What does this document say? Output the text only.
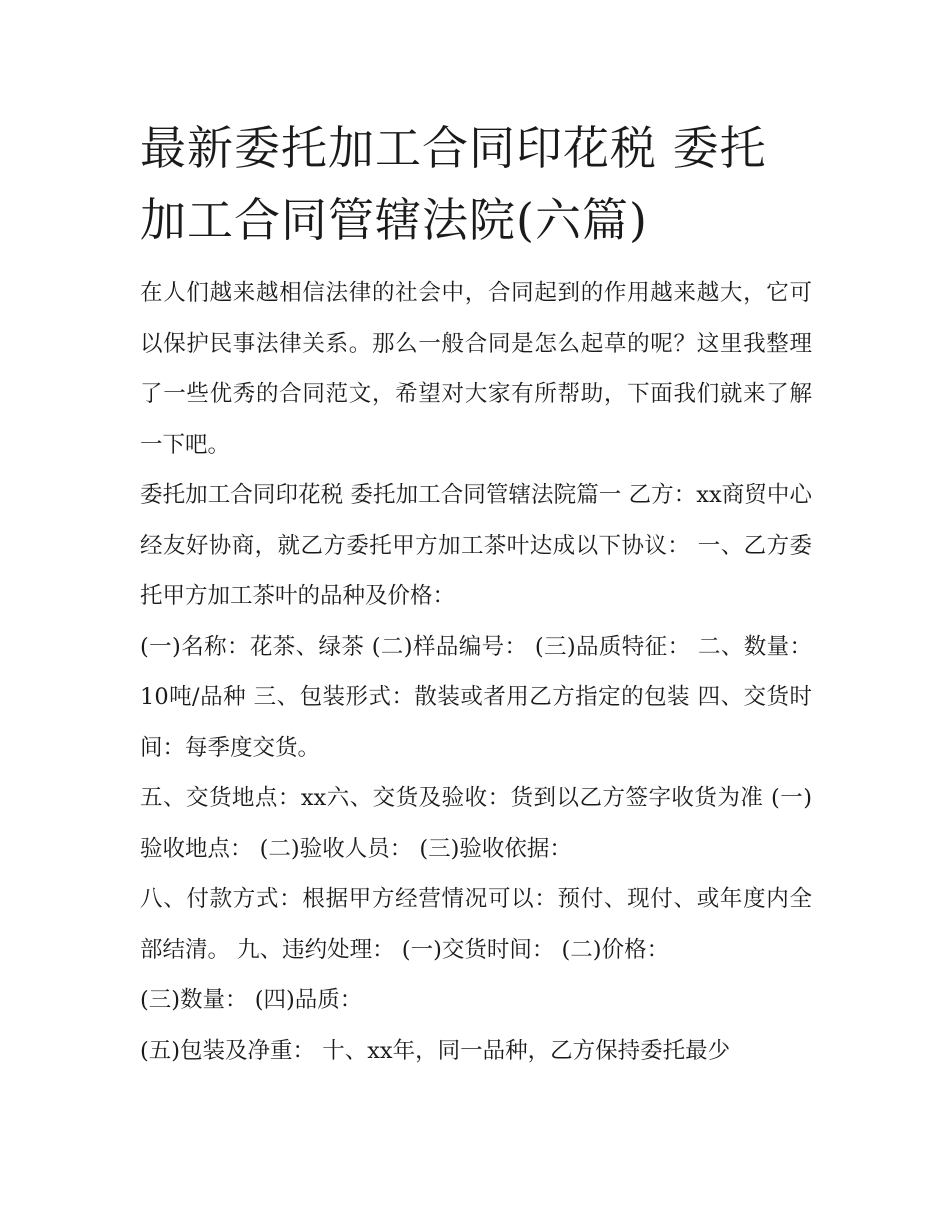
最新委托加工合同印花税 委托加工合同管辖法院(六篇)

在人们越来越相信法律的社会中，合同起到的作用越来越大，它可以保护民事法律关系。那么一般合同是怎么起草的呢？这里我整理了一些优秀的合同范文，希望对大家有所帮助，下面我们就来了解一下吧。

委托加工合同印花税 委托加工合同管辖法院篇一 乙方：xx商贸中心 经友好协商，就乙方委托甲方加工茶叶达成以下协议： 一、乙方委托甲方加工茶叶的品种及价格：

(一)名称：花茶、绿茶 (二)样品编号： (三)品质特征： 二、数量：10吨/品种 三、包装形式：散装或者用乙方指定的包装 四、交货时间：每季度交货。

五、交货地点：xx六、交货及验收：货到以乙方签字收货为准 (一)验收地点： (二)验收人员： (三)验收依据：

八、付款方式：根据甲方经营情况可以：预付、现付、或年度内全部结清。 九、违约处理： (一)交货时间： (二)价格：

(三)数量： (四)品质：

(五)包装及净重： 十、xx年，同一品种，乙方保持委托最少
